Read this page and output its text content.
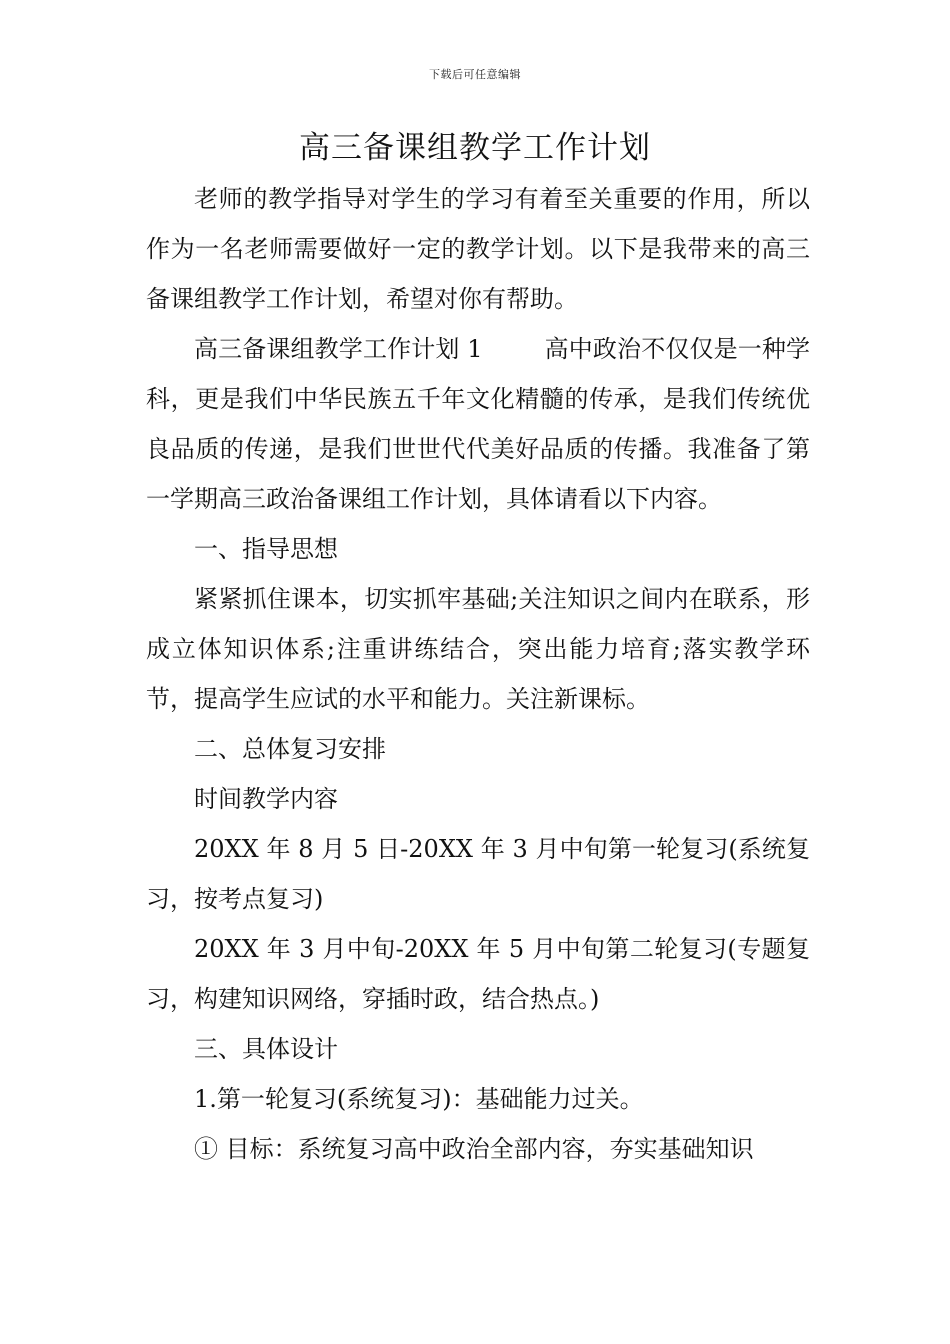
下载后可任意编辑
高三备课组教学工作计划

老师的教学指导对学生的学习有着至关重要的作用，所以作为一名老师需要做好一定的教学计划。以下是我带来的高三备课组教学工作计划，希望对你有帮助。

高三备课组教学工作计划 1	高中政治不仅仅是一种学科，更是我们中华民族五千年文化精髓的传承，是我们传统优良品质的传递，是我们世世代代美好品质的传播。我准备了第一学期高三政治备课组工作计划，具体请看以下内容。

一、指导思想

紧紧抓住课本，切实抓牢基础;关注知识之间内在联系，形成立体知识体系;注重讲练结合，突出能力培育;落实教学环节，提高学生应试的水平和能力。关注新课标。

二、总体复习安排

时间教学内容

20XX 年 8 月 5 日-20XX 年 3 月中旬第一轮复习(系统复习，按考点复习)

20XX 年 3 月中旬-20XX 年 5 月中旬第二轮复习(专题复习，构建知识网络，穿插时政，结合热点。)

三、具体设计

1.第一轮复习(系统复习)：基础能力过关。

① 目标：系统复习高中政治全部内容，夯实基础知识
